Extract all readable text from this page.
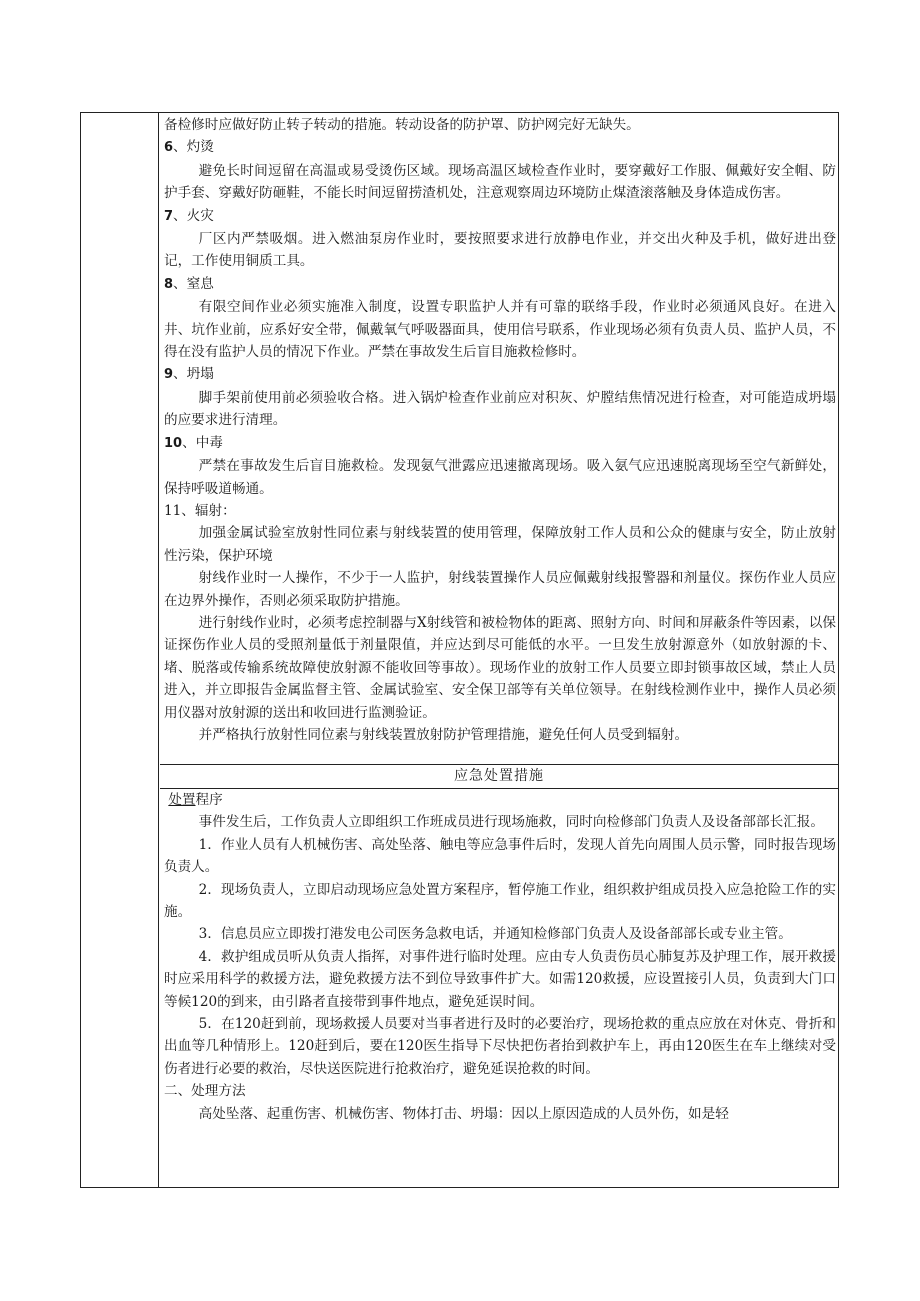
备检修时应做好防止转子转动的措施。转动设备的防护罩、防护网完好无缺失。

6、灼烫

避免长时间逗留在高温或易受烫伤区域。现场高温区域检查作业时，要穿戴好工作服、佩戴好安全帽、防护手套、穿戴好防砸鞋，不能长时间逗留捞渣机处，注意观察周边环境防止煤渣滚落触及身体造成伤害。

7、火灾

厂区内严禁吸烟。进入燃油泵房作业时，要按照要求进行放静电作业，并交出火种及手机，做好进出登记，工作使用铜质工具。

8、窒息

有限空间作业必须实施准入制度，设置专职监护人并有可靠的联络手段，作业时必须通风良好。在进入井、坑作业前，应系好安全带，佩戴氧气呼吸器面具，使用信号联系，作业现场必须有负责人员、监护人员，不得在没有监护人员的情况下作业。严禁在事故发生后盲目施救检修时。

9、坍塌

脚手架前使用前必须验收合格。进入锅炉检查作业前应对积灰、炉膛结焦情况进行检查，对可能造成坍塌的应要求进行清理。

10、中毒

严禁在事故发生后盲目施救检。发现氨气泄露应迅速撤离现场。吸入氨气应迅速脱离现场至空气新鲜处，保持呼吸道畅通。

11、辐射：

加强金属试验室放射性同位素与射线装置的使用管理，保障放射工作人员和公众的健康与安全，防止放射性污染，保护环境

射线作业时一人操作，不少于一人监护，射线装置操作人员应佩戴射线报警器和剂量仪。探伤作业人员应在边界外操作，否则必须采取防护措施。

进行射线作业时，必须考虑控制器与X射线管和被检物体的距离、照射方向、时间和屏蔽条件等因素，以保证探伤作业人员的受照剂量低于剂量限值，并应达到尽可能低的水平。一旦发生放射源意外（如放射源的卡、堵、脱落或传输系统故障使放射源不能收回等事故）。现场作业的放射工作人员要立即封锁事故区域，禁止人员进入，并立即报告金属监督主管、金属试验室、安全保卫部等有关单位领导。在射线检测作业中，操作人员必须用仪器对放射源的送出和收回进行监测验证。

并严格执行放射性同位素与射线装置放射防护管理措施，避免任何人员受到辐射。

应急处置措施

处置程序

事件发生后，工作负责人立即组织工作班成员进行现场施救，同时向检修部门负责人及设备部部长汇报。

1．作业人员有人机械伤害、高处坠落、触电等应急事件后时，发现人首先向周围人员示警，同时报告现场负责人。

2．现场负责人，立即启动现场应急处置方案程序，暂停施工作业，组织救护组成员投入应急抢险工作的实施。

3．信息员应立即拨打港发电公司医务急救电话，并通知检修部门负责人及设备部部长或专业主管。

4．救护组成员听从负责人指挥，对事件进行临时处理。应由专人负责伤员心肺复苏及护理工作，展开救援时应采用科学的救援方法，避免救援方法不到位导致事件扩大。如需120救援，应设置接引人员，负责到大门口等候120的到来，由引路者直接带到事件地点，避免延误时间。

5．在120赶到前，现场救援人员要对当事者进行及时的必要治疗，现场抢救的重点应放在对休克、骨折和出血等几种情形上。120赶到后，要在120医生指导下尽快把伤者抬到救护车上，再由120医生在车上继续对受伤者进行必要的救治，尽快送医院进行抢救治疗，避免延误抢救的时间。

二、处理方法

高处坠落、起重伤害、机械伤害、物体打击、坍塌：因以上原因造成的人员外伤，如是轻
